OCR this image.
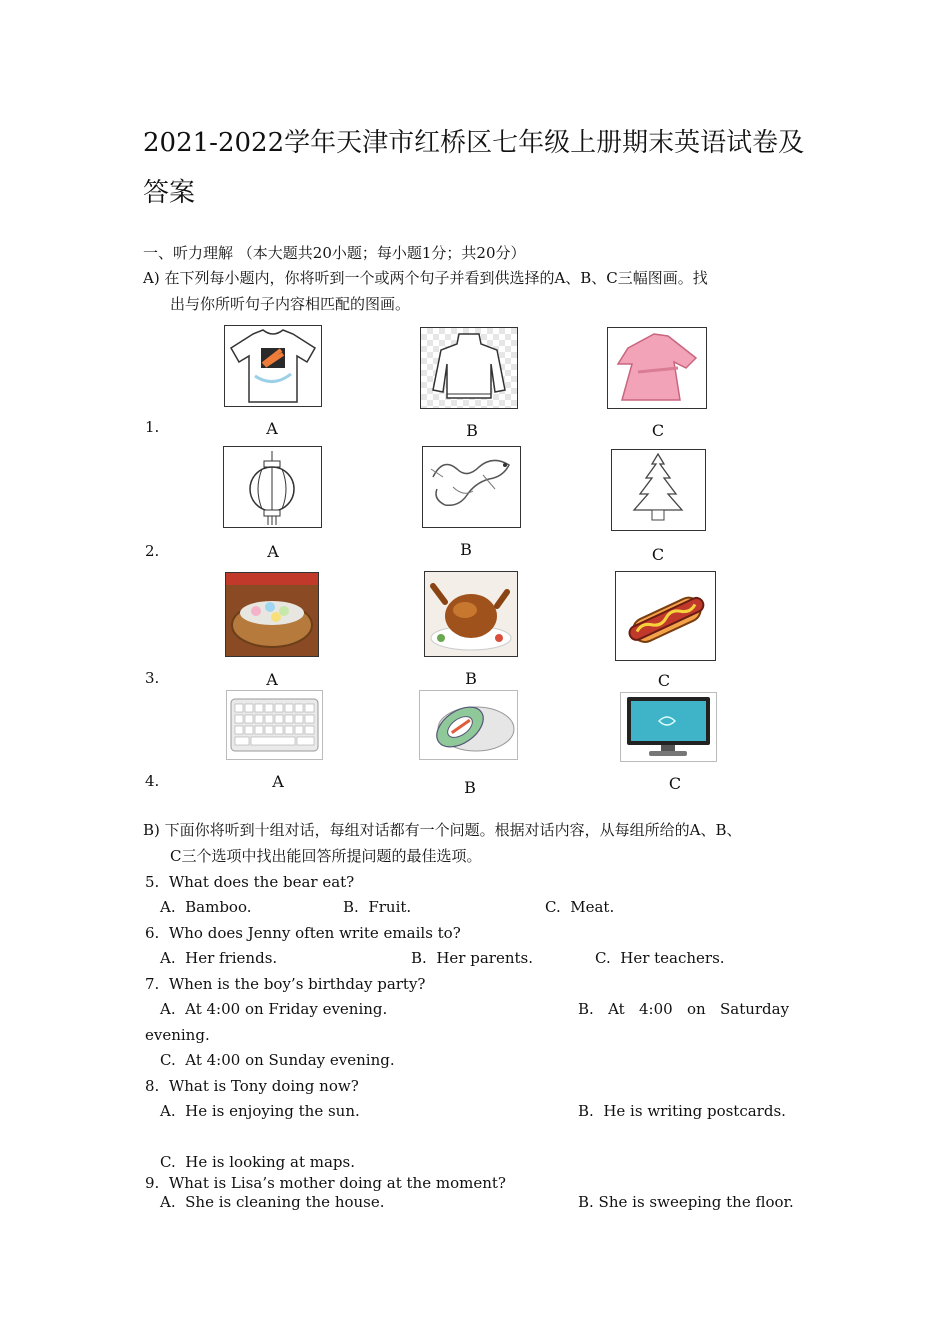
2021-2022学年天津市红桥区七年级上册期末英语试卷及答案
一、听力理解 （本大题共20小题；每小题1分；共20分）
A) 在下列每小题内，你将听到一个或两个句子并看到供选择的A、B、C三幅图画。找
出与你所听句子内容相匹配的图画。
1.	A	B	C
2.	A	B	C
3.	A	B	C
4.	A	B	C
B) 下面你将听到十组对话，每组对话都有一个问题。根据对话内容，从每组所给的A、B、
C三个选项中找出能回答所提问题的最佳选项。
5.  What does the bear eat?
A.  Bamboo.	B.  Fruit.	C.  Meat.
6.  Who does Jenny often write emails to?
A.  Her friends.	B.  Her parents.	C.  Her teachers.
7.  When is the boy’s birthday party?
A.  At 4:00 on Friday evening.	B.   At   4:00   on   Saturday
evening.
C.  At 4:00 on Sunday evening.
8.  What is Tony doing now?
A.  He is enjoying the sun.	B.  He is writing postcards.
C.  He is looking at maps.
9.  What is Lisa’s mother doing at the moment?
A.  She is cleaning the house.	B. She is sweeping the floor.
